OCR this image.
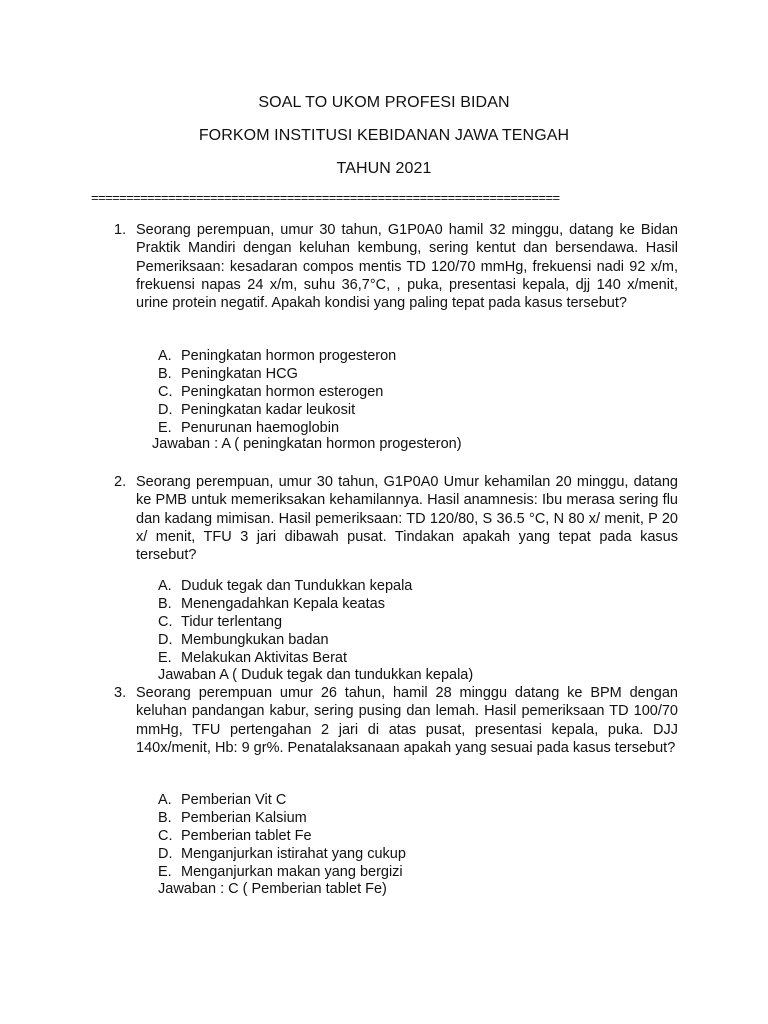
SOAL TO UKOM PROFESI BIDAN
FORKOM INSTITUSI KEBIDANAN JAWA TENGAH
TAHUN 2021
===================================================================
1. Seorang perempuan, umur 30 tahun, G1P0A0 hamil 32 minggu, datang ke Bidan Praktik Mandiri dengan keluhan kembung, sering kentut dan bersendawa. Hasil Pemeriksaan: kesadaran compos mentis TD 120/70 mmHg, frekuensi nadi 92 x/m, frekuensi napas 24 x/m, suhu 36,7°C, , puka, presentasi kepala, djj 140 x/menit, urine protein negatif. Apakah kondisi yang paling tepat pada kasus tersebut?
A. Peningkatan hormon progesteron
B. Peningkatan HCG
C. Peningkatan hormon esterogen
D. Peningkatan kadar leukosit
E. Penurunan haemoglobin
Jawaban : A ( peningkatan hormon progesteron)
2. Seorang perempuan, umur 30 tahun, G1P0A0 Umur kehamilan 20 minggu, datang ke PMB untuk memeriksakan kehamilannya. Hasil anamnesis: Ibu merasa sering flu dan kadang mimisan. Hasil pemeriksaan: TD 120/80, S 36.5 °C, N 80 x/ menit, P 20 x/ menit, TFU 3 jari dibawah pusat. Tindakan apakah yang tepat pada kasus tersebut?
A. Duduk tegak dan Tundukkan kepala
B. Menengadahkan Kepala keatas
C. Tidur terlentang
D. Membungkukan badan
E. Melakukan Aktivitas Berat
Jawaban A ( Duduk tegak dan tundukkan kepala)
3. Seorang perempuan umur 26 tahun, hamil 28 minggu datang ke BPM dengan keluhan pandangan kabur, sering pusing dan lemah. Hasil pemeriksaan TD 100/70 mmHg, TFU pertengahan 2 jari di atas pusat, presentasi kepala, puka. DJJ 140x/menit, Hb: 9 gr%. Penatalaksanaan apakah yang sesuai pada kasus tersebut?
A. Pemberian Vit C
B. Pemberian Kalsium
C. Pemberian tablet Fe
D. Menganjurkan istirahat yang cukup
E. Menganjurkan makan yang bergizi
Jawaban : C ( Pemberian tablet Fe)
